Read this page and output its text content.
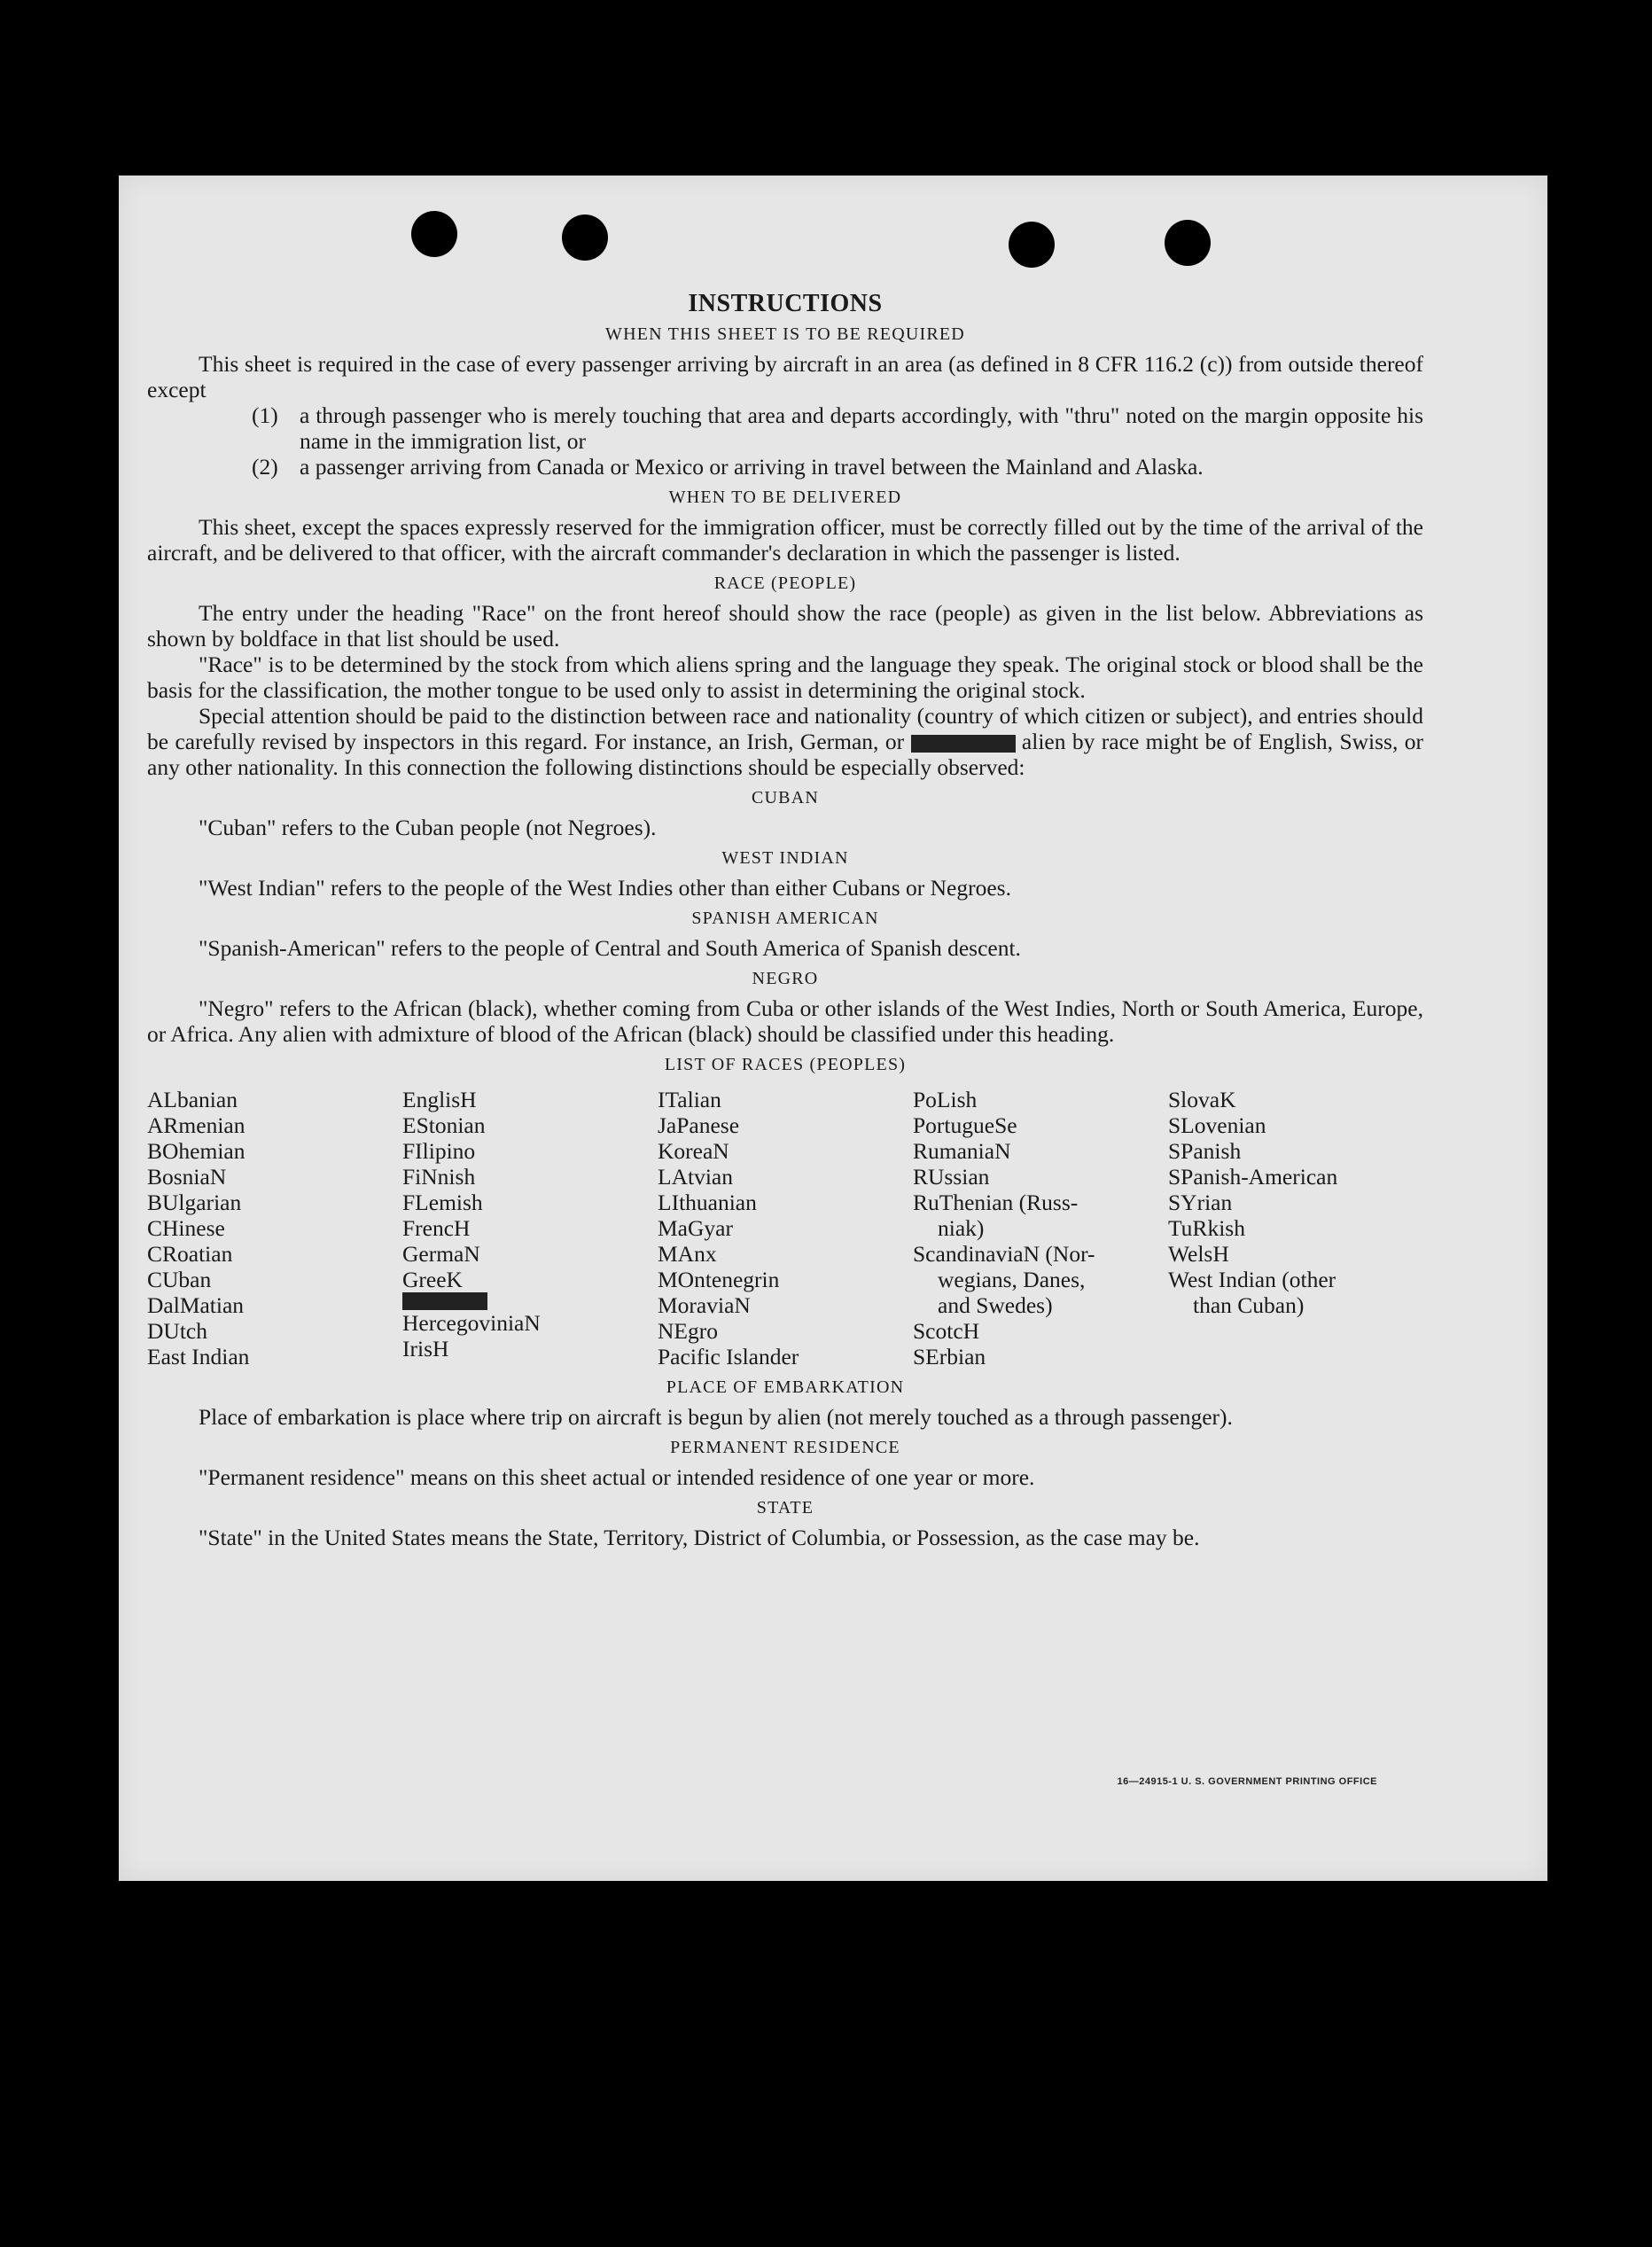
INSTRUCTIONS
WHEN THIS SHEET IS TO BE REQUIRED

This sheet is required in the case of every passenger arriving by aircraft in an area (as defined in 8 CFR 116.2 (c)) from outside thereof except

(1) a through passenger who is merely touching that area and departs accordingly, with "thru" noted on the margin opposite his name in the immigration list, or

(2) a passenger arriving from Canada or Mexico or arriving in travel between the Mainland and Alaska.

WHEN TO BE DELIVERED

This sheet, except the spaces expressly reserved for the immigration officer, must be correctly filled out by the time of the arrival of the aircraft, and be delivered to that officer, with the aircraft commander's declaration in which the passenger is listed.

RACE (PEOPLE)

The entry under the heading "Race" on the front hereof should show the race (people) as given in the list below. Abbreviations as shown by boldface in that list should be used.

"Race" is to be determined by the stock from which aliens spring and the language they speak. The original stock or blood shall be the basis for the classification, the mother tongue to be used only to assist in determining the original stock.

Special attention should be paid to the distinction between race and nationality (country of which citizen or subject), and entries should be carefully revised by inspectors in this regard. For instance, an Irish, German, or	alien by race might be of English, Swiss, or any other nationality. In this connection the following distinctions should be especially observed:

CUBAN

"Cuban" refers to the Cuban people (not Negroes).

WEST INDIAN

"West Indian" refers to the people of the West Indies other than either Cubans or Negroes.

SPANISH AMERICAN

"Spanish-American" refers to the people of Central and South America of Spanish descent.

NEGRO

"Negro" refers to the African (black), whether coming from Cuba or other islands of the West Indies, North or South America, Europe, or Africa. Any alien with admixture of blood of the African (black) should be classified under this heading.

LIST OF RACES (PEOPLES)
ALbanian
ARmenian
BOhemian
BosniaN
BUlgarian
CHinese
CRoatian
CUban
DalMatian
DUtch
East Indian
EnglisH
EStonian
FIlipino
FiNnish
FLemish
FrencH
GermaN
GreeK
HercegoviniaN
IrisH
ITalian
JaPanese
KoreaN
LAtvian
LIthuanian
MaGyar
MAnx
MOntenegrin
MoraviaN
NEgro
Pacific Islander
PoLish
PortugueSe
RumaniaN
RUssian
RuThenian (Russ-
niak)
ScandinaviaN (Nor-
wegians, Danes,
and Swedes)
ScotcH
SErbian
SlovaK
SLovenian
SPanish
SPanish-American
SYrian
TuRkish
WelsH
West Indian (other
than Cuban)
PLACE OF EMBARKATION

Place of embarkation is place where trip on aircraft is begun by alien (not merely touched as a through passenger).

PERMANENT RESIDENCE

"Permanent residence" means on this sheet actual or intended residence of one year or more.

STATE

"State" in the United States means the State, Territory, District of Columbia, or Possession, as the case may be.

16—24915-1 U. S. GOVERNMENT PRINTING OFFICE
